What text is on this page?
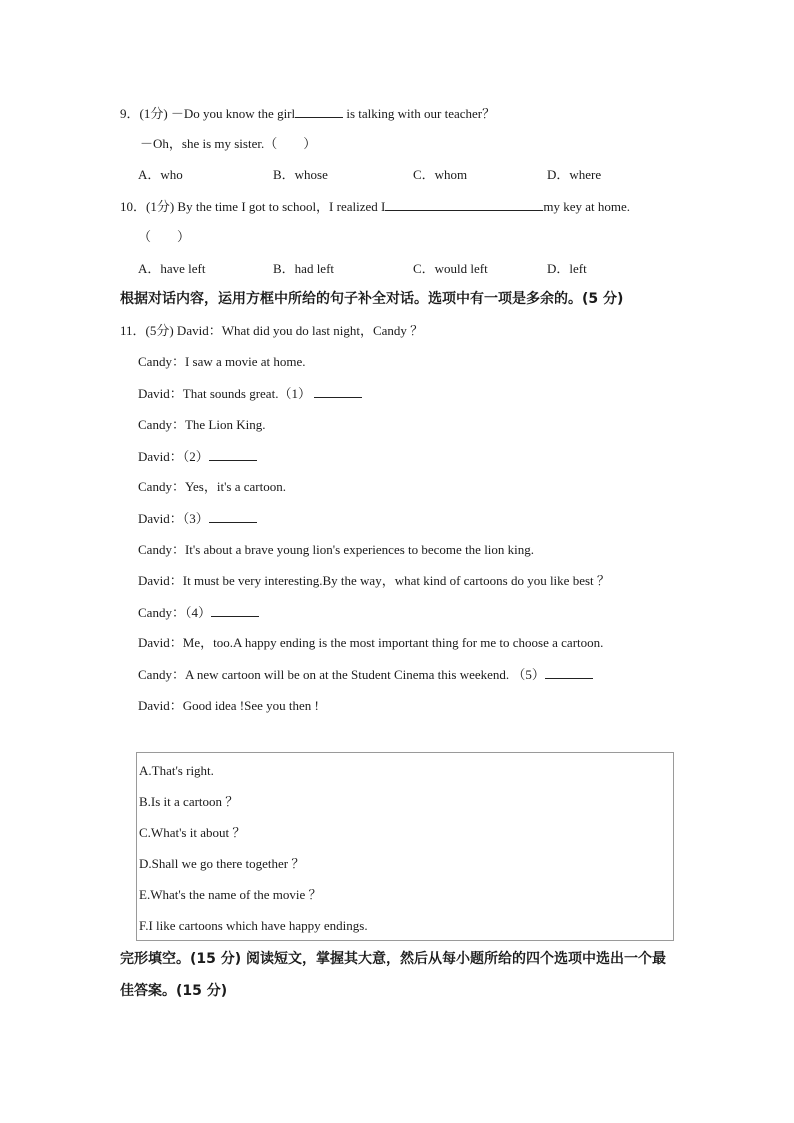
9．(1分) －Do you know the girl	is talking with our teacher？
－Oh，she is my sister.（　　）
A．who	B．whose	C．whom	D．where
10．(1分) By the time I got to school，I realized I	my key at home.
（　　）
A．have left	B．had left	C．would left	D．left
根据对话内容，运用方框中所给的句子补全对话。选项中有一项是多余的。(5 分)
11．(5分) David：What did you do last night，Candy ？
Candy：I saw a movie at home.
David：That sounds great.（1）
Candy：The Lion King.
David：（2）
Candy：Yes，it's a cartoon.
David：（3）
Candy：It's about a brave young lion's experiences to become the lion king.
David：It must be very interesting.By the way，what kind of cartoons do you like best ？
Candy：（4）
David：Me，too.A happy ending is the most important thing for me to choose a cartoon.
Candy：A new cartoon will be on at the Student Cinema this weekend. （5）
David：Good idea !See you then !
A.That's right.
B.Is it a cartoon ？
C.What's it about ？
D.Shall we go there together ？
E.What's the name of the movie ？
F.I like cartoons which have happy endings.
完形填空。(15 分) 阅读短文，掌握其大意，然后从每小题所给的四个选项中选出一个最
佳答案。(15 分)
